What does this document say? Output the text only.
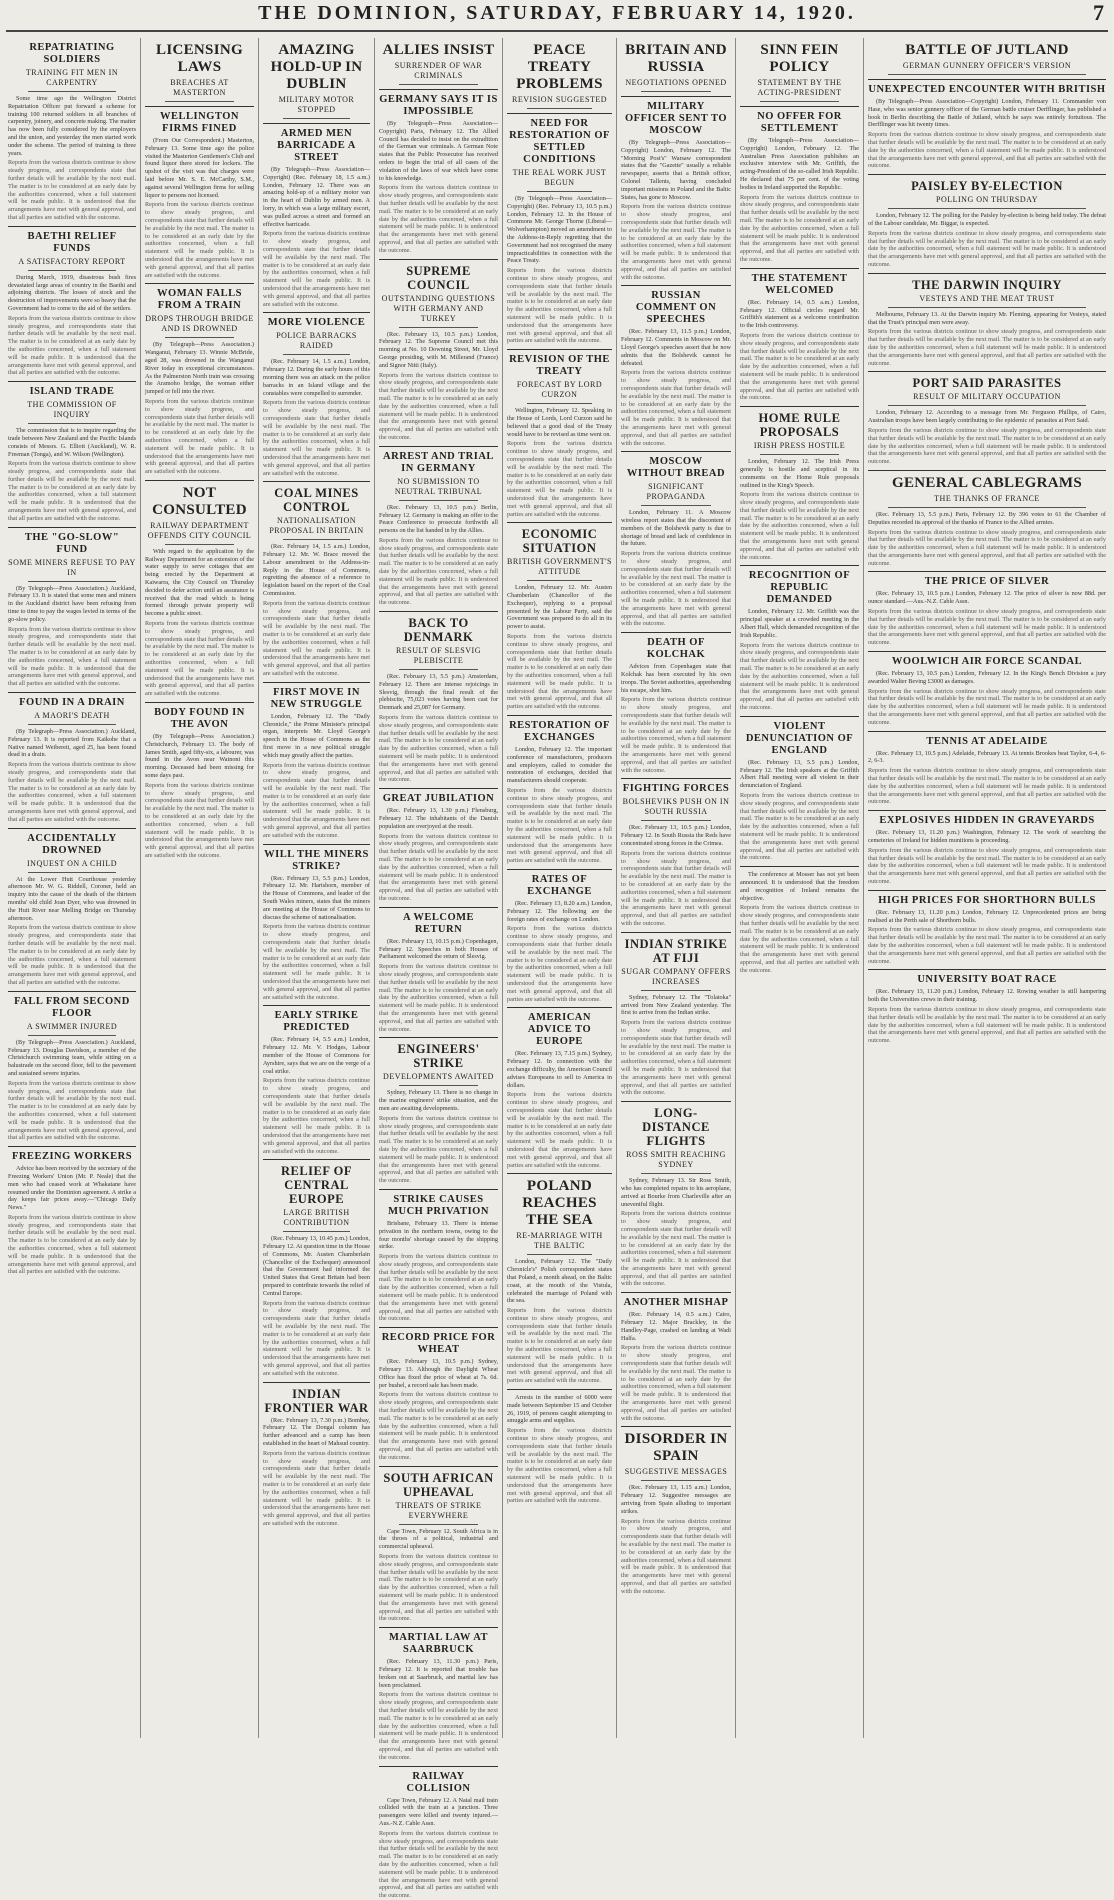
THE DOMINION, SATURDAY, FEBRUARY 14, 1920.	7
REPATRIATING SOLDIERS
TRAINING FIT MEN IN CARPENTRY

Some time ago the Wellington District Repatriation Officer put forward a scheme for training 100 returned soldiers in all branches of carpentry, joinery, and concrete making. The matter has now been fully considered by the employers and the union, and yesterday the men started work under the scheme. The period of training is three years.

Reports from the various districts continue to show steady progress, and correspondents state that further details will be available by the next mail. The matter is to be considered at an early date by the authorities concerned, when a full statement will be made public. It is understood that the arrangements have met with general approval, and that all parties are satisfied with the outcome.
BAETHI RELIEF FUNDS
A SATISFACTORY REPORT

During March, 1919, disastrous bush fires devastated large areas of country in the Baethi and adjoining districts. The losses of stock and the destruction of improvements were so heavy that the Government had to come to the aid of the settlers.

Reports from the various districts continue to show steady progress, and correspondents state that further details will be available by the next mail. The matter is to be considered at an early date by the authorities concerned, when a full statement will be made public. It is understood that the arrangements have met with general approval, and that all parties are satisfied with the outcome.
ISLAND TRADE
THE COMMISSION OF INQUIRY

The commission that is to inquire regarding the trade between New Zealand and the Pacific Islands consists of Messrs. G. Elliott (Auckland), W. R. Freeman (Tonga), and W. Wilson (Wellington).

Reports from the various districts continue to show steady progress, and correspondents state that further details will be available by the next mail. The matter is to be considered at an early date by the authorities concerned, when a full statement will be made public. It is understood that the arrangements have met with general approval, and that all parties are satisfied with the outcome.
THE "GO-SLOW" FUND
SOME MINERS REFUSE TO PAY IN

(By Telegraph—Press Association.) Auckland, February 13. It is stated that some men and miners in the Auckland district have been refusing from time to time to pay the wages levied in terms of the go-slow policy.

Reports from the various districts continue to show steady progress, and correspondents state that further details will be available by the next mail. The matter is to be considered at an early date by the authorities concerned, when a full statement will be made public. It is understood that the arrangements have met with general approval, and that all parties are satisfied with the outcome.
FOUND IN A DRAIN
A MAORI'S DEATH

(By Telegraph—Press Association.) Auckland, February 13. It is reported from Kaikohe that a Native named Weibereti, aged 25, has been found dead in a drain.

Reports from the various districts continue to show steady progress, and correspondents state that further details will be available by the next mail. The matter is to be considered at an early date by the authorities concerned, when a full statement will be made public. It is understood that the arrangements have met with general approval, and that all parties are satisfied with the outcome.
ACCIDENTALLY DROWNED
INQUEST ON A CHILD

At the Lower Hutt Courthouse yesterday afternoon Mr. W. G. Riddell, Coroner, held an inquiry into the cause of the death of the thirteen months' old child Joan Dyer, who was drowned in the Hutt River near Melling Bridge on Thursday afternoon.

Reports from the various districts continue to show steady progress, and correspondents state that further details will be available by the next mail. The matter is to be considered at an early date by the authorities concerned, when a full statement will be made public. It is understood that the arrangements have met with general approval, and that all parties are satisfied with the outcome.
FALL FROM SECOND FLOOR
A SWIMMER INJURED

(By Telegraph—Press Association.) Auckland, February 13. Douglas Davidson, a member of the Christchurch swimming team, while sitting on a balustrade on the second floor, fell to the pavement and sustained severe injuries.

Reports from the various districts continue to show steady progress, and correspondents state that further details will be available by the next mail. The matter is to be considered at an early date by the authorities concerned, when a full statement will be made public. It is understood that the arrangements have met with general approval, and that all parties are satisfied with the outcome.
FREEZING WORKERS

Advice has been received by the secretary of the Freezing Workers' Union (Mr. P. Neale) that the men who had ceased work at Whakatane have resumed under the Dominion agreement. A strike a day keeps fair prices away.—"Chicago Daily News."

Reports from the various districts continue to show steady progress, and correspondents state that further details will be available by the next mail. The matter is to be considered at an early date by the authorities concerned, when a full statement will be made public. It is understood that the arrangements have met with general approval, and that all parties are satisfied with the outcome.
LICENSING LAWS
BREACHES AT MASTERTON
WELLINGTON FIRMS FINED

(From Our Correspondent.) Masterton, February 13. Some time ago the police visited the Masterton Gentlemen's Club and found liquor there stored for lockers. The upshot of the visit was that charges were laid before Mr. S. E. McCarthy, S.M., against several Wellington firms for selling liquor to persons not licensed.

Reports from the various districts continue to show steady progress, and correspondents state that further details will be available by the next mail. The matter is to be considered at an early date by the authorities concerned, when a full statement will be made public. It is understood that the arrangements have met with general approval, and that all parties are satisfied with the outcome.
WOMAN FALLS FROM A TRAIN
DROPS THROUGH BRIDGE AND IS DROWNED

(By Telegraph—Press Association.) Wanganui, February 13. Winnie McBride, aged 28, was drowned in the Wanganui River today in exceptional circumstances. As the Palmerston North train was crossing the Aramoho bridge, the woman either jumped or fell into the river.

Reports from the various districts continue to show steady progress, and correspondents state that further details will be available by the next mail. The matter is to be considered at an early date by the authorities concerned, when a full statement will be made public. It is understood that the arrangements have met with general approval, and that all parties are satisfied with the outcome.
NOT CONSULTED
RAILWAY DEPARTMENT OFFENDS CITY COUNCIL

With regard to the application by the Railway Department for an extension of the water supply to serve cottages that are being erected by the Department at Kaiwarra, the City Council on Thursday decided to defer action until an assurance is received that the road which is being formed through private property will become a public street.

Reports from the various districts continue to show steady progress, and correspondents state that further details will be available by the next mail. The matter is to be considered at an early date by the authorities concerned, when a full statement will be made public. It is understood that the arrangements have met with general approval, and that all parties are satisfied with the outcome.
BODY FOUND IN THE AVON

(By Telegraph—Press Association.) Christchurch, February 13. The body of James Smith, aged fifty-six, a labourer, was found in the Avon near Wainoni this morning. Deceased had been missing for some days past.

Reports from the various districts continue to show steady progress, and correspondents state that further details will be available by the next mail. The matter is to be considered at an early date by the authorities concerned, when a full statement will be made public. It is understood that the arrangements have met with general approval, and that all parties are satisfied with the outcome.
AMAZING HOLD-UP IN DUBLIN
MILITARY MOTOR STOPPED
ARMED MEN BARRICADE A STREET

(By Telegraph—Press Association—Copyright) (Rec. February 18, 1.5 a.m.) London, February 12. There was an amazing hold-up of a military motor van in the heart of Dublin by armed men. A lorry, in which was a large military escort, was pulled across a street and formed an effective barricade.

Reports from the various districts continue to show steady progress, and correspondents state that further details will be available by the next mail. The matter is to be considered at an early date by the authorities concerned, when a full statement will be made public. It is understood that the arrangements have met with general approval, and that all parties are satisfied with the outcome.
MORE VIOLENCE
POLICE BARRACKS RAIDED

(Rec. February 14, 1.5 a.m.) London, February 12. During the early hours of this morning there was an attack on the police barracks in an Island village and the constables were compelled to surrender.

Reports from the various districts continue to show steady progress, and correspondents state that further details will be available by the next mail. The matter is to be considered at an early date by the authorities concerned, when a full statement will be made public. It is understood that the arrangements have met with general approval, and that all parties are satisfied with the outcome.
COAL MINES CONTROL
NATIONALISATION PROPOSAL IN BRITAIN

(Rec. February 14, 1.5 a.m.) London, February 12. Mr. W. Brace moved the Labour amendment to the Address-in-Reply in the House of Commons, regretting the absence of a reference to legislation based on the report of the Coal Commission.

Reports from the various districts continue to show steady progress, and correspondents state that further details will be available by the next mail. The matter is to be considered at an early date by the authorities concerned, when a full statement will be made public. It is understood that the arrangements have met with general approval, and that all parties are satisfied with the outcome.
FIRST MOVE IN NEW STRUGGLE

London, February 12. The "Daily Chronicle," the Prime Minister's principal organ, interprets Mr. Lloyd George's speech in the House of Commons as the first move in a new political struggle which may greatly affect the parties.

Reports from the various districts continue to show steady progress, and correspondents state that further details will be available by the next mail. The matter is to be considered at an early date by the authorities concerned, when a full statement will be made public. It is understood that the arrangements have met with general approval, and that all parties are satisfied with the outcome.
WILL THE MINERS STRIKE?

(Rec. February 13, 5.5 p.m.) London, February 12. Mr. Hartshorn, member of the House of Commons, and leader of the South Wales miners, states that the miners are meeting at the House of Commons to discuss the scheme of nationalisation.

Reports from the various districts continue to show steady progress, and correspondents state that further details will be available by the next mail. The matter is to be considered at an early date by the authorities concerned, when a full statement will be made public. It is understood that the arrangements have met with general approval, and that all parties are satisfied with the outcome.
EARLY STRIKE PREDICTED

(Rec. February 14, 5.5 a.m.) London, February 12. Mr. V. Hodges, Labour member of the House of Commons for Ayrshire, says that we are on the verge of a coal strike.

Reports from the various districts continue to show steady progress, and correspondents state that further details will be available by the next mail. The matter is to be considered at an early date by the authorities concerned, when a full statement will be made public. It is understood that the arrangements have met with general approval, and that all parties are satisfied with the outcome.
RELIEF OF CENTRAL EUROPE
LARGE BRITISH CONTRIBUTION

(Rec. February 13, 10.45 p.m.) London, February 12. At question time in the House of Commons, Mr. Austen Chamberlain (Chancellor of the Exchequer) announced that the Government had informed the United States that Great Britain had been prepared to contribute towards the relief of Central Europe.

Reports from the various districts continue to show steady progress, and correspondents state that further details will be available by the next mail. The matter is to be considered at an early date by the authorities concerned, when a full statement will be made public. It is understood that the arrangements have met with general approval, and that all parties are satisfied with the outcome.
INDIAN FRONTIER WAR

(Rec. February 13, 7.30 p.m.) Bombay, February 12. The Dongal column has further advanced and a camp has been established in the heart of Mahsud country.

Reports from the various districts continue to show steady progress, and correspondents state that further details will be available by the next mail. The matter is to be considered at an early date by the authorities concerned, when a full statement will be made public. It is understood that the arrangements have met with general approval, and that all parties are satisfied with the outcome.
ALLIES INSIST
SURRENDER OF WAR CRIMINALS
GERMANY SAYS IT IS IMPOSSIBLE

(By Telegraph—Press Association—Copyright) Paris, February 12. The Allied Council has decided to insist on the extradition of the German war criminals. A German Note states that the Public Prosecutor has received orders to begin the trial of all cases of the violation of the laws of war which have come to his knowledge.

Reports from the various districts continue to show steady progress, and correspondents state that further details will be available by the next mail. The matter is to be considered at an early date by the authorities concerned, when a full statement will be made public. It is understood that the arrangements have met with general approval, and that all parties are satisfied with the outcome.
SUPREME COUNCIL
OUTSTANDING QUESTIONS WITH GERMANY AND TURKEY

(Rec. February 13, 10.5 p.m.) London, February 12. The Supreme Council met this morning at No. 10 Downing Street, Mr. Lloyd George presiding, with M. Millerand (France) and Signor Nitti (Italy).

Reports from the various districts continue to show steady progress, and correspondents state that further details will be available by the next mail. The matter is to be considered at an early date by the authorities concerned, when a full statement will be made public. It is understood that the arrangements have met with general approval, and that all parties are satisfied with the outcome.
ARREST AND TRIAL IN GERMANY
NO SUBMISSION TO NEUTRAL TRIBUNAL

(Rec. February 13, 10.5 p.m.) Berlin, February 12. Germany is making an offer to the Peace Conference to prosecute forthwith all persons on the list handed in by the Allies.

Reports from the various districts continue to show steady progress, and correspondents state that further details will be available by the next mail. The matter is to be considered at an early date by the authorities concerned, when a full statement will be made public. It is understood that the arrangements have met with general approval, and that all parties are satisfied with the outcome.
BACK TO DENMARK
RESULT OF SLESVIG PLEBISCITE

(Rec. February 13, 5.5 p.m.) Amsterdam, February 12. There are intense rejoicings in Slesvig, through the final result of the plebiscite, 75,023 votes having been cast for Denmark and 25,087 for Germany.

Reports from the various districts continue to show steady progress, and correspondents state that further details will be available by the next mail. The matter is to be considered at an early date by the authorities concerned, when a full statement will be made public. It is understood that the arrangements have met with general approval, and that all parties are satisfied with the outcome.
GREAT JUBILATION

(Rec. February 13, 1.30 p.m.) Flensburg, February 12. The inhabitants of the Danish population are overjoyed at the result.

Reports from the various districts continue to show steady progress, and correspondents state that further details will be available by the next mail. The matter is to be considered at an early date by the authorities concerned, when a full statement will be made public. It is understood that the arrangements have met with general approval, and that all parties are satisfied with the outcome.
A WELCOME RETURN

(Rec. February 13, 10.15 p.m.) Copenhagen, February 12. Speeches in both Houses of Parliament welcomed the return of Slesvig.

Reports from the various districts continue to show steady progress, and correspondents state that further details will be available by the next mail. The matter is to be considered at an early date by the authorities concerned, when a full statement will be made public. It is understood that the arrangements have met with general approval, and that all parties are satisfied with the outcome.
ENGINEERS' STRIKE
DEVELOPMENTS AWAITED

Sydney, February 13. There is no change in the marine engineers' strike situation, and the men are awaiting developments.

Reports from the various districts continue to show steady progress, and correspondents state that further details will be available by the next mail. The matter is to be considered at an early date by the authorities concerned, when a full statement will be made public. It is understood that the arrangements have met with general approval, and that all parties are satisfied with the outcome.
STRIKE CAUSES MUCH PRIVATION

Brisbane, February 13. There is intense privation in the northern towns, owing to the four months' shortage caused by the shipping strike.

Reports from the various districts continue to show steady progress, and correspondents state that further details will be available by the next mail. The matter is to be considered at an early date by the authorities concerned, when a full statement will be made public. It is understood that the arrangements have met with general approval, and that all parties are satisfied with the outcome.
RECORD PRICE FOR WHEAT

(Rec. February 13, 10.5 p.m.) Sydney, February 13. Although the Daylight Wheat Office has fixed the price of wheat at 7s. 6d. per bushel, a record sale has been made.

Reports from the various districts continue to show steady progress, and correspondents state that further details will be available by the next mail. The matter is to be considered at an early date by the authorities concerned, when a full statement will be made public. It is understood that the arrangements have met with general approval, and that all parties are satisfied with the outcome.
SOUTH AFRICAN UPHEAVAL
THREATS OF STRIKE EVERYWHERE

Cape Town, February 12. South Africa is in the throes of a political, industrial and commercial upheaval.

Reports from the various districts continue to show steady progress, and correspondents state that further details will be available by the next mail. The matter is to be considered at an early date by the authorities concerned, when a full statement will be made public. It is understood that the arrangements have met with general approval, and that all parties are satisfied with the outcome.
MARTIAL LAW AT SAARBRUCK

(Rec. February 13, 11.30 p.m.) Paris, February 12. It is reported that trouble has broken out at Saarbruck, and martial law has been proclaimed.

Reports from the various districts continue to show steady progress, and correspondents state that further details will be available by the next mail. The matter is to be considered at an early date by the authorities concerned, when a full statement will be made public. It is understood that the arrangements have met with general approval, and that all parties are satisfied with the outcome.
RAILWAY COLLISION

Cape Town, February 12. A Natal mail train collided with the train at a junction. Three passengers were killed and twenty injured.—Aus.-N.Z. Cable Assn.

Reports from the various districts continue to show steady progress, and correspondents state that further details will be available by the next mail. The matter is to be considered at an early date by the authorities concerned, when a full statement will be made public. It is understood that the arrangements have met with general approval, and that all parties are satisfied with the outcome.
PEACE TREATY PROBLEMS
REVISION SUGGESTED
NEED FOR RESTORATION OF SETTLED CONDITIONS
THE REAL WORK JUST BEGUN

(By Telegraph—Press Association—Copyright) (Rec. February 13, 10.5 p.m.) London, February 12. In the House of Commons Mr. George Thorne (Liberal—Wolverhampton) moved an amendment to the Address-in-Reply regretting that the Government had not recognised the many impracticabilities in connection with the Peace Treaty.

Reports from the various districts continue to show steady progress, and correspondents state that further details will be available by the next mail. The matter is to be considered at an early date by the authorities concerned, when a full statement will be made public. It is understood that the arrangements have met with general approval, and that all parties are satisfied with the outcome.
REVISION OF THE TREATY
FORECAST BY LORD CURZON

Wellington, February 12. Speaking in the House of Lords, Lord Curzon said he believed that a good deal of the Treaty would have to be revised as time went on.

Reports from the various districts continue to show steady progress, and correspondents state that further details will be available by the next mail. The matter is to be considered at an early date by the authorities concerned, when a full statement will be made public. It is understood that the arrangements have met with general approval, and that all parties are satisfied with the outcome.
ECONOMIC SITUATION
BRITISH GOVERNMENT'S ATTITUDE

London, February 12. Mr. Austen Chamberlain (Chancellor of the Exchequer), replying to a proposal presented by the Labour Party, said the Government was prepared to do all in its power to assist.

Reports from the various districts continue to show steady progress, and correspondents state that further details will be available by the next mail. The matter is to be considered at an early date by the authorities concerned, when a full statement will be made public. It is understood that the arrangements have met with general approval, and that all parties are satisfied with the outcome.
RESTORATION OF EXCHANGES

London, February 12. The important conference of manufacturers, producers and employers, called to consider the restoration of exchanges, decided that manufacturers should cooperate.

Reports from the various districts continue to show steady progress, and correspondents state that further details will be available by the next mail. The matter is to be considered at an early date by the authorities concerned, when a full statement will be made public. It is understood that the arrangements have met with general approval, and that all parties are satisfied with the outcome.
RATES OF EXCHANGE

(Rec. February 13, 8.20 a.m.) London, February 12. The following are the foreign rates of exchange on London.

Reports from the various districts continue to show steady progress, and correspondents state that further details will be available by the next mail. The matter is to be considered at an early date by the authorities concerned, when a full statement will be made public. It is understood that the arrangements have met with general approval, and that all parties are satisfied with the outcome.
AMERICAN ADVICE TO EUROPE

(Rec. February 13, 7.15 p.m.) Sydney, February 12. In connection with the exchange difficulty, the American Council advises Europeans to sell to America in dollars.

Reports from the various districts continue to show steady progress, and correspondents state that further details will be available by the next mail. The matter is to be considered at an early date by the authorities concerned, when a full statement will be made public. It is understood that the arrangements have met with general approval, and that all parties are satisfied with the outcome.
POLAND REACHES THE SEA
RE-MARRIAGE WITH THE BALTIC

London, February 12. The "Daily Chronicle's" Polish correspondent states that Poland, a month ahead, on the Baltic coast, at the mouth of the Vistula, celebrated the marriage of Poland with the sea.

Reports from the various districts continue to show steady progress, and correspondents state that further details will be available by the next mail. The matter is to be considered at an early date by the authorities concerned, when a full statement will be made public. It is understood that the arrangements have met with general approval, and that all parties are satisfied with the outcome.

Arrests in the number of 6000 were made between September 15 and October 26, 1919, of persons caught attempting to smuggle arms and supplies.

Reports from the various districts continue to show steady progress, and correspondents state that further details will be available by the next mail. The matter is to be considered at an early date by the authorities concerned, when a full statement will be made public. It is understood that the arrangements have met with general approval, and that all parties are satisfied with the outcome.
BRITAIN AND RUSSIA
NEGOTIATIONS OPENED
MILITARY OFFICER SENT TO MOSCOW

(By Telegraph—Press Association—Copyright) London, February 12. The "Morning Post's" Warsaw correspondent states that the "Gazette" usually a reliable newspaper, asserts that a British officer, Colonel Tallents, having concluded important missions in Poland and the Baltic States, has gone to Moscow.

Reports from the various districts continue to show steady progress, and correspondents state that further details will be available by the next mail. The matter is to be considered at an early date by the authorities concerned, when a full statement will be made public. It is understood that the arrangements have met with general approval, and that all parties are satisfied with the outcome.
RUSSIAN COMMENT ON SPEECHES

(Rec. February 13, 11.5 p.m.) London, February 12. Comments in Moscow on Mr. Lloyd George's speeches assert that he now admits that the Bolshevik cannot be defeated.

Reports from the various districts continue to show steady progress, and correspondents state that further details will be available by the next mail. The matter is to be considered at an early date by the authorities concerned, when a full statement will be made public. It is understood that the arrangements have met with general approval, and that all parties are satisfied with the outcome.
MOSCOW WITHOUT BREAD
SIGNIFICANT PROPAGANDA

London, February 11. A Moscow wireless report states that the discontent of members of the Bolshevik party is due to shortage of bread and lack of confidence in the future.

Reports from the various districts continue to show steady progress, and correspondents state that further details will be available by the next mail. The matter is to be considered at an early date by the authorities concerned, when a full statement will be made public. It is understood that the arrangements have met with general approval, and that all parties are satisfied with the outcome.
DEATH OF KOLCHAK

Advices from Copenhagen state that Kolchak has been executed by his own troops. The Soviet authorities, apprehending his escape, shot him.

Reports from the various districts continue to show steady progress, and correspondents state that further details will be available by the next mail. The matter is to be considered at an early date by the authorities concerned, when a full statement will be made public. It is understood that the arrangements have met with general approval, and that all parties are satisfied with the outcome.
FIGHTING FORCES
BOLSHEVIKS PUSH ON IN SOUTH RUSSIA

(Rec. February 13, 10.5 p.m.) London, February 12. In South Russia the Reds have concentrated strong forces in the Crimea.

Reports from the various districts continue to show steady progress, and correspondents state that further details will be available by the next mail. The matter is to be considered at an early date by the authorities concerned, when a full statement will be made public. It is understood that the arrangements have met with general approval, and that all parties are satisfied with the outcome.
INDIAN STRIKE AT FIJI
SUGAR COMPANY OFFERS INCREASES

Sydney, February 12. The "Tolatoka" arrived from New Zealand yesterday. The first to arrive from the Indian strike.

Reports from the various districts continue to show steady progress, and correspondents state that further details will be available by the next mail. The matter is to be considered at an early date by the authorities concerned, when a full statement will be made public. It is understood that the arrangements have met with general approval, and that all parties are satisfied with the outcome.
LONG-DISTANCE FLIGHTS
ROSS SMITH REACHING SYDNEY

Sydney, February 13. Sir Ross Smith, who has completed repairs to his aeroplane, arrived at Bourke from Charleville after an uneventful flight.

Reports from the various districts continue to show steady progress, and correspondents state that further details will be available by the next mail. The matter is to be considered at an early date by the authorities concerned, when a full statement will be made public. It is understood that the arrangements have met with general approval, and that all parties are satisfied with the outcome.
ANOTHER MISHAP

(Rec. February 14, 0.5 a.m.) Cairo, February 12. Major Brackley, in the Handley-Page, crashed on landing at Wadi Halfa.

Reports from the various districts continue to show steady progress, and correspondents state that further details will be available by the next mail. The matter is to be considered at an early date by the authorities concerned, when a full statement will be made public. It is understood that the arrangements have met with general approval, and that all parties are satisfied with the outcome.
DISORDER IN SPAIN
SUGGESTIVE MESSAGES

(Rec. February 13, 1.15 a.m.) London, February 12. Suggestive messages are arriving from Spain alluding to important strikes.

Reports from the various districts continue to show steady progress, and correspondents state that further details will be available by the next mail. The matter is to be considered at an early date by the authorities concerned, when a full statement will be made public. It is understood that the arrangements have met with general approval, and that all parties are satisfied with the outcome.
SINN FEIN POLICY
STATEMENT BY THE ACTING-PRESIDENT
NO OFFER FOR SETTLEMENT

(By Telegraph—Press Association—Copyright) London, February 12. The Australian Press Association publishes an exclusive interview with Mr. Griffith, the acting-President of the so-called Irish Republic. He declared that 75 per cent. of the voting bodies in Ireland supported the Republic.

Reports from the various districts continue to show steady progress, and correspondents state that further details will be available by the next mail. The matter is to be considered at an early date by the authorities concerned, when a full statement will be made public. It is understood that the arrangements have met with general approval, and that all parties are satisfied with the outcome.
THE STATEMENT WELCOMED

(Rec. February 14, 0.5 a.m.) London, February 12. Official circles regard Mr. Griffith's statement as a welcome contribution to the Irish controversy.

Reports from the various districts continue to show steady progress, and correspondents state that further details will be available by the next mail. The matter is to be considered at an early date by the authorities concerned, when a full statement will be made public. It is understood that the arrangements have met with general approval, and that all parties are satisfied with the outcome.
HOME RULE PROPOSALS
IRISH PRESS HOSTILE

London, February 12. The Irish Press generally is hostile and sceptical in its comments on the Home Rule proposals outlined in the King's Speech.

Reports from the various districts continue to show steady progress, and correspondents state that further details will be available by the next mail. The matter is to be considered at an early date by the authorities concerned, when a full statement will be made public. It is understood that the arrangements have met with general approval, and that all parties are satisfied with the outcome.
RECOGNITION OF REPUBLIC DEMANDED

London, February 12. Mr. Griffith was the principal speaker at a crowded meeting in the Albert Hall, which demanded recognition of the Irish Republic.

Reports from the various districts continue to show steady progress, and correspondents state that further details will be available by the next mail. The matter is to be considered at an early date by the authorities concerned, when a full statement will be made public. It is understood that the arrangements have met with general approval, and that all parties are satisfied with the outcome.
VIOLENT DENUNCIATION OF ENGLAND

(Rec. February 13, 5.5 p.m.) London, February 12. The Irish speakers at the Griffith Albert Hall meeting were all violent in their denunciation of England.

Reports from the various districts continue to show steady progress, and correspondents state that further details will be available by the next mail. The matter is to be considered at an early date by the authorities concerned, when a full statement will be made public. It is understood that the arrangements have met with general approval, and that all parties are satisfied with the outcome.

The conference at Mosser has not yet been announced. It is understood that the freedom and recognition of Ireland remains the objective.

Reports from the various districts continue to show steady progress, and correspondents state that further details will be available by the next mail. The matter is to be considered at an early date by the authorities concerned, when a full statement will be made public. It is understood that the arrangements have met with general approval, and that all parties are satisfied with the outcome.
BATTLE OF JUTLAND
GERMAN GUNNERY OFFICER'S VERSION
UNEXPECTED ENCOUNTER WITH BRITISH

(By Telegraph—Press Association—Copyright) London, February 11. Commander von Hase, who was senior gunnery officer of the German battle cruiser Derfflinger, has published a book in Berlin describing the Battle of Jutland, which he says was entirely fortuitous. The Derfflinger was hit twenty times.

Reports from the various districts continue to show steady progress, and correspondents state that further details will be available by the next mail. The matter is to be considered at an early date by the authorities concerned, when a full statement will be made public. It is understood that the arrangements have met with general approval, and that all parties are satisfied with the outcome.
PAISLEY BY-ELECTION
POLLING ON THURSDAY

London, February 12. The polling for the Paisley by-election is being held today. The defeat of the Labour candidate, Mr. Biggar, is expected.

Reports from the various districts continue to show steady progress, and correspondents state that further details will be available by the next mail. The matter is to be considered at an early date by the authorities concerned, when a full statement will be made public. It is understood that the arrangements have met with general approval, and that all parties are satisfied with the outcome.
THE DARWIN INQUIRY
VESTEYS AND THE MEAT TRUST

Melbourne, February 13. At the Darwin inquiry Mr. Fleming, appearing for Vesteys, stated that the Trust's principal men were away.

Reports from the various districts continue to show steady progress, and correspondents state that further details will be available by the next mail. The matter is to be considered at an early date by the authorities concerned, when a full statement will be made public. It is understood that the arrangements have met with general approval, and that all parties are satisfied with the outcome.
PORT SAID PARASITES
RESULT OF MILITARY OCCUPATION

London, February 12. According to a message from Mr. Ferguson Phillips, of Cairo, Australian troops have been largely contributing to the epidemic of parasites at Port Said.

Reports from the various districts continue to show steady progress, and correspondents state that further details will be available by the next mail. The matter is to be considered at an early date by the authorities concerned, when a full statement will be made public. It is understood that the arrangements have met with general approval, and that all parties are satisfied with the outcome.
GENERAL CABLEGRAMS
THE THANKS OF FRANCE

(Rec. February 13, 5.5 p.m.) Paris, February 12. By 396 votes to 61 the Chamber of Deputies recorded its approval of the thanks of France to the Allied armies.

Reports from the various districts continue to show steady progress, and correspondents state that further details will be available by the next mail. The matter is to be considered at an early date by the authorities concerned, when a full statement will be made public. It is understood that the arrangements have met with general approval, and that all parties are satisfied with the outcome.
THE PRICE OF SILVER

(Rec. February 13, 10.5 p.m.) London, February 12. The price of silver is now 88d. per ounce standard.—Aus.-N.Z. Cable Assn.

Reports from the various districts continue to show steady progress, and correspondents state that further details will be available by the next mail. The matter is to be considered at an early date by the authorities concerned, when a full statement will be made public. It is understood that the arrangements have met with general approval, and that all parties are satisfied with the outcome.
WOOLWICH AIR FORCE SCANDAL

(Rec. February 13, 10.5 p.m.) London, February 12. In the King's Bench Division a jury awarded Walter Beving £3000 as damages.

Reports from the various districts continue to show steady progress, and correspondents state that further details will be available by the next mail. The matter is to be considered at an early date by the authorities concerned, when a full statement will be made public. It is understood that the arrangements have met with general approval, and that all parties are satisfied with the outcome.
TENNIS AT ADELAIDE

(Rec. February 13, 10.5 p.m.) Adelaide, February 13. At tennis Brookes beat Taylor, 6-4, 6-2, 6-3.

Reports from the various districts continue to show steady progress, and correspondents state that further details will be available by the next mail. The matter is to be considered at an early date by the authorities concerned, when a full statement will be made public. It is understood that the arrangements have met with general approval, and that all parties are satisfied with the outcome.
EXPLOSIVES HIDDEN IN GRAVEYARDS

(Rec. February 13, 11.20 p.m.) Washington, February 12. The work of searching the cemeteries of Ireland for hidden munitions is proceeding.

Reports from the various districts continue to show steady progress, and correspondents state that further details will be available by the next mail. The matter is to be considered at an early date by the authorities concerned, when a full statement will be made public. It is understood that the arrangements have met with general approval, and that all parties are satisfied with the outcome.
HIGH PRICES FOR SHORTHORN BULLS

(Rec. February 13, 11.20 p.m.) London, February 12. Unprecedented prices are being realised at the Perth sale of Shorthorn bulls.

Reports from the various districts continue to show steady progress, and correspondents state that further details will be available by the next mail. The matter is to be considered at an early date by the authorities concerned, when a full statement will be made public. It is understood that the arrangements have met with general approval, and that all parties are satisfied with the outcome.
UNIVERSITY BOAT RACE

(Rec. February 13, 11.20 p.m.) London, February 12. Rowing weather is still hampering both the Universities crews in their training.

Reports from the various districts continue to show steady progress, and correspondents state that further details will be available by the next mail. The matter is to be considered at an early date by the authorities concerned, when a full statement will be made public. It is understood that the arrangements have met with general approval, and that all parties are satisfied with the outcome.
